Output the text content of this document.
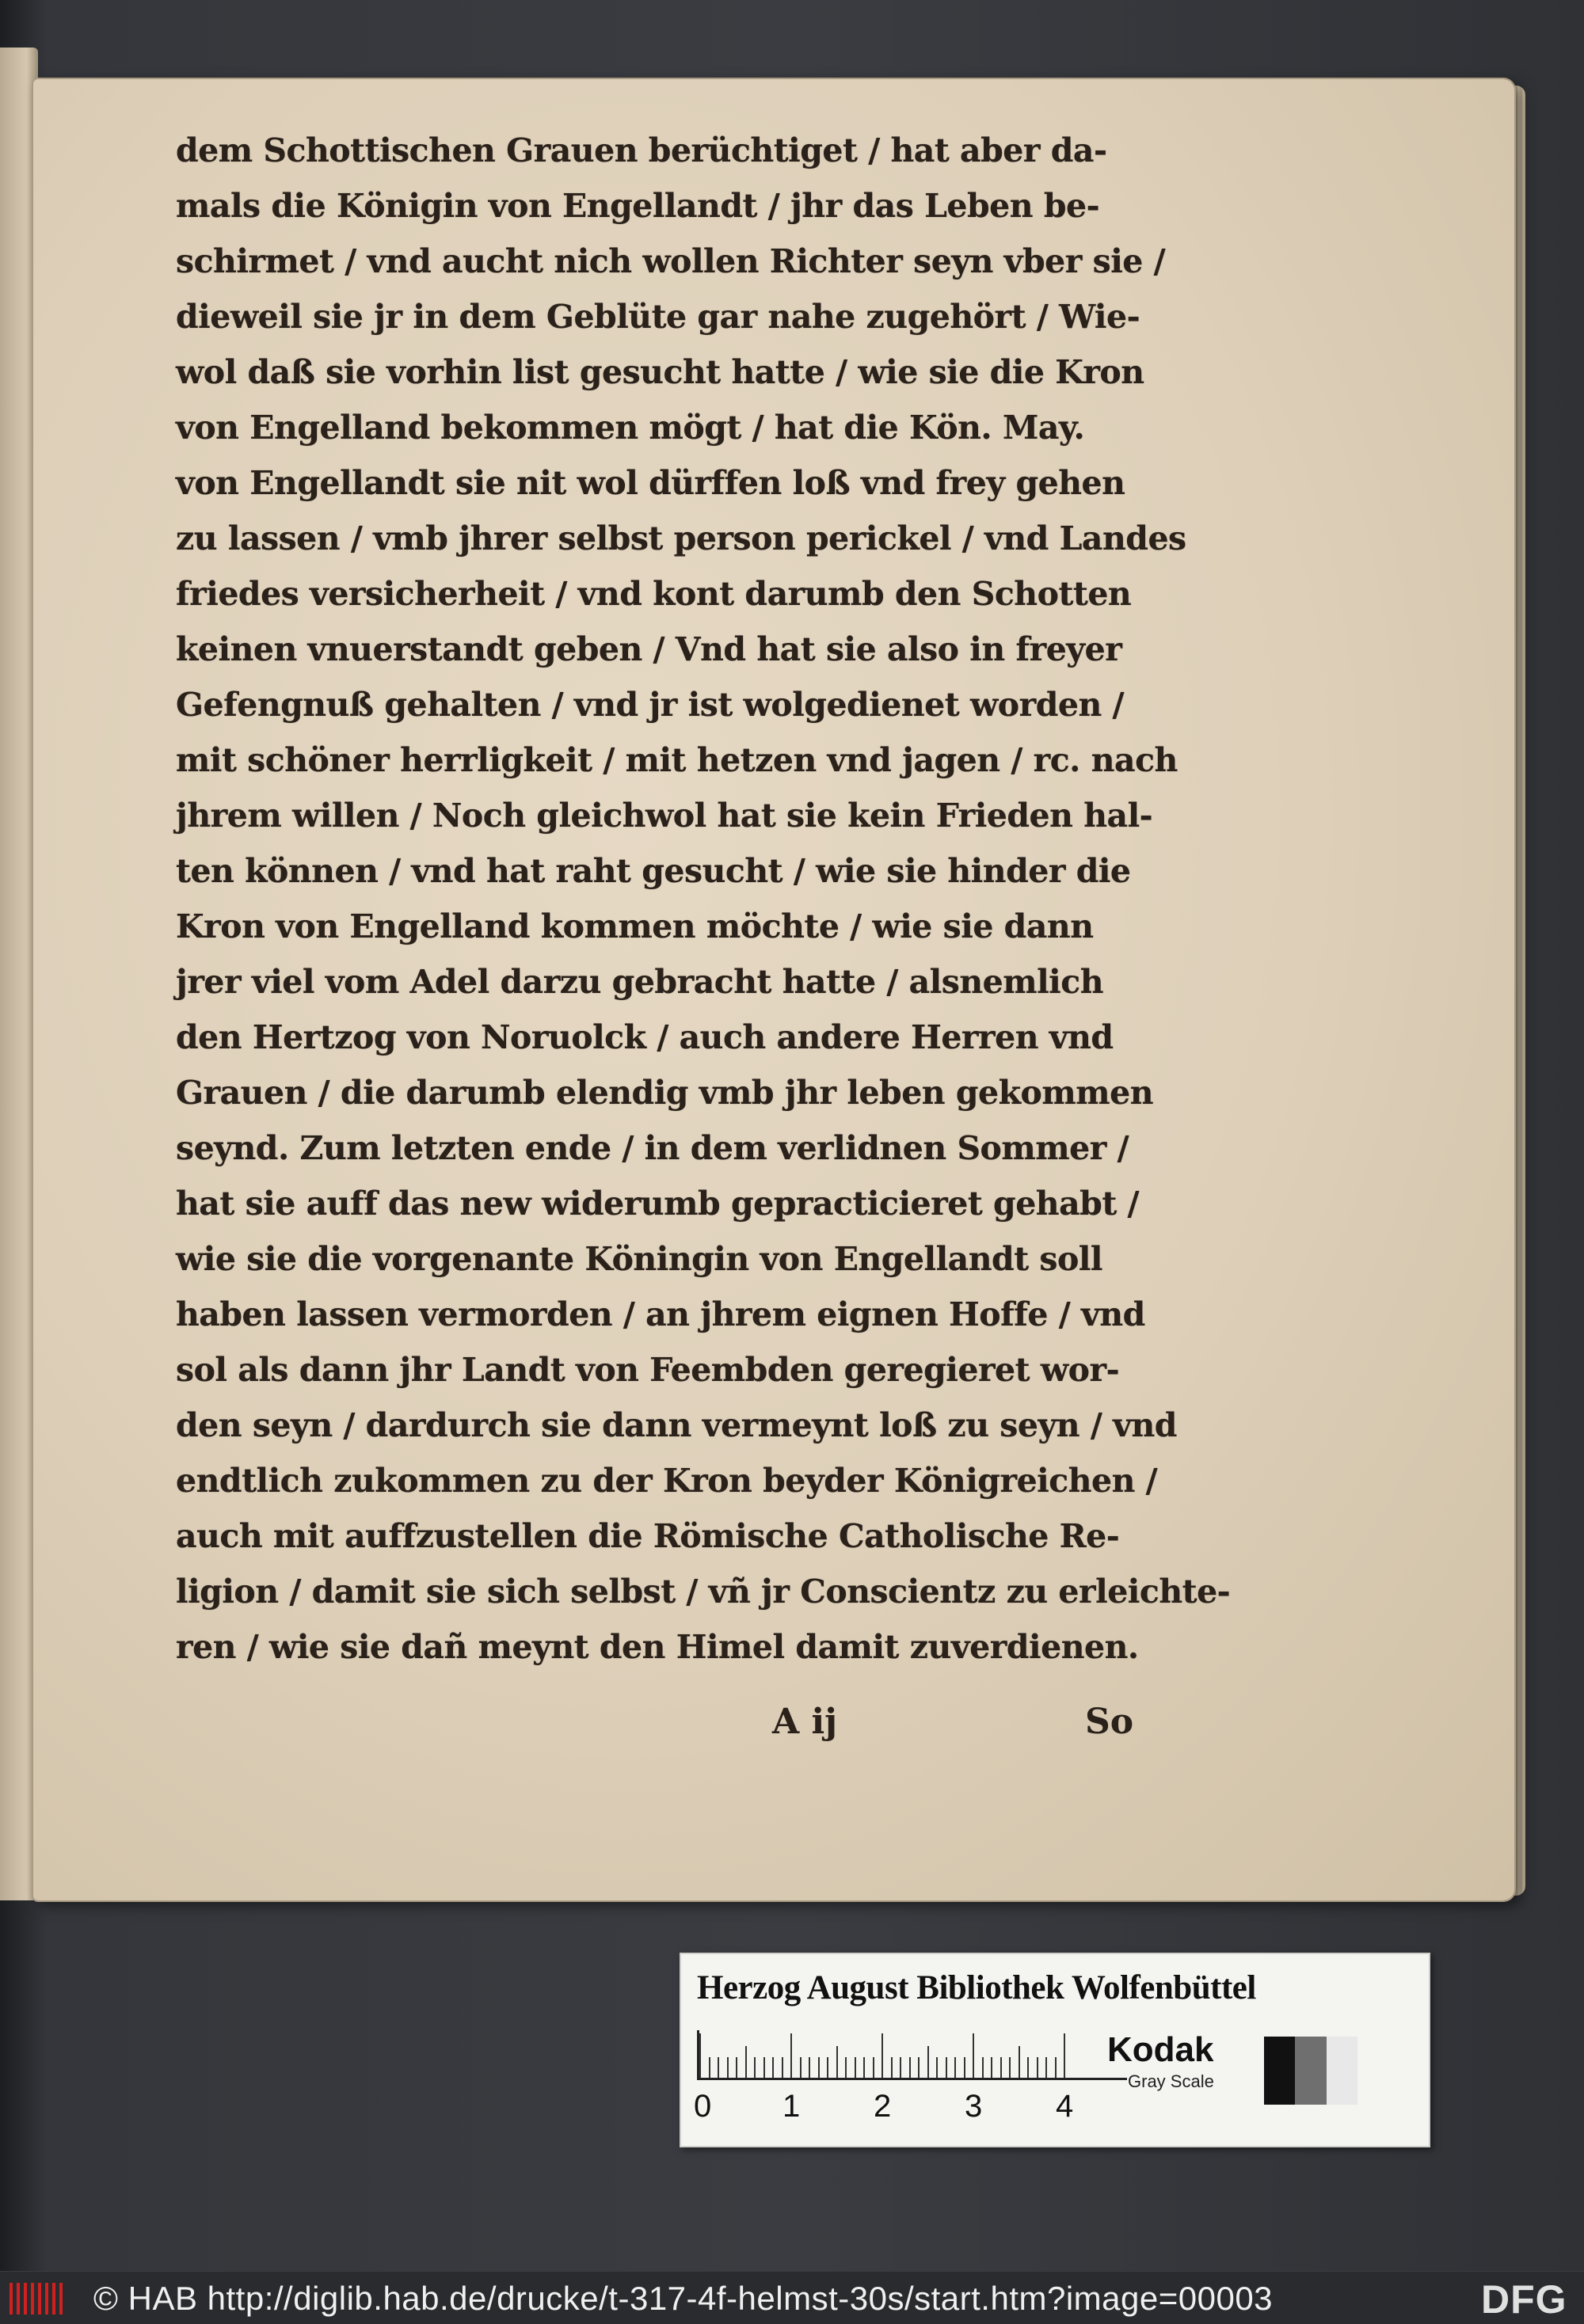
dem Schottischen Grauen berüchtiget / hat aber da-
mals die Königin von Engellandt / jhr das Leben be-
schirmet / vnd aucht nich wollen Richter seyn vber sie /
dieweil sie jr in dem Geblüte gar nahe zugehört / Wie-
wol daß sie vorhin list gesucht hatte / wie sie die Kron
von Engelland bekommen mögt / hat die Kön. May.
von Engellandt sie nit wol dürffen loß vnd frey gehen
zu lassen / vmb jhrer selbst person perickel / vnd Landes
friedes versicherheit / vnd kont darumb den Schotten
keinen vnuerstandt geben / Vnd hat sie also in freyer
Gefengnuß gehalten / vnd jr ist wolgedienet worden /
mit schöner herrligkeit / mit hetzen vnd jagen / rc. nach
jhrem willen / Noch gleichwol hat sie kein Frieden hal-
ten können / vnd hat raht gesucht / wie sie hinder die
Kron von Engelland kommen möchte / wie sie dann
jrer viel vom Adel darzu gebracht hatte / alsnemlich
den Hertzog von Noruolck / auch andere Herren vnd
Grauen / die darumb elendig vmb jhr leben gekommen
seynd. Zum letzten ende / in dem verlidnen Sommer /
hat sie auff das new widerumb gepracticieret gehabt /
wie sie die vorgenante Köningin von Engellandt soll
haben lassen vermorden / an jhrem eignen Hoffe / vnd
sol als dann jhr Landt von Feembden geregieret wor-
den seyn / dardurch sie dann vermeynt loß zu seyn / vnd
endtlich zukommen zu der Kron beyder Königreichen /
auch mit auffzustellen die Römische Catholische Re-
ligion / damit sie sich selbst / vñ jr Conscientz zu erleichte-
ren / wie sie dañ meynt den Himel damit zuverdienen.
A ij	So
Herzog August Bibliothek Wolfenbüttel
0 1 2 3 4
Kodak
Gray Scale
© HAB http://diglib.hab.de/drucke/t-317-4f-helmst-30s/start.htm?image=00003	DFG
